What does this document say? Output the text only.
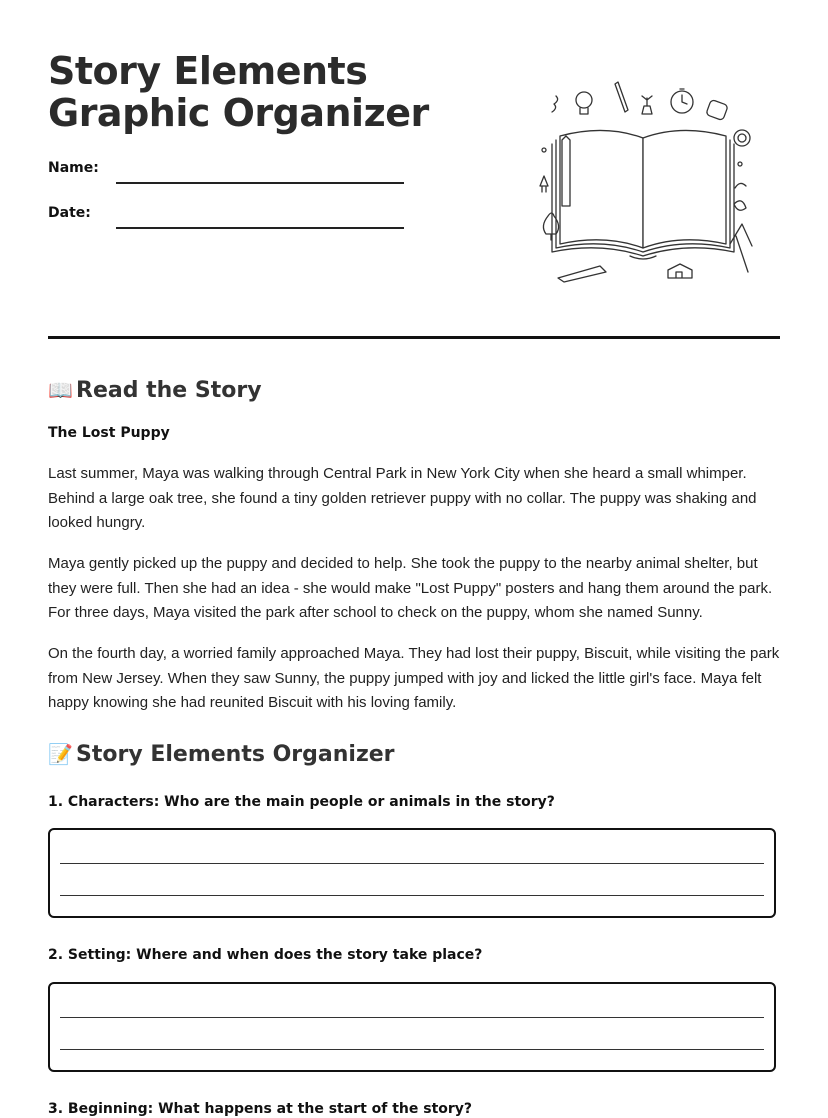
Story Elements Graphic Organizer
Name:
Date:
📖 Read the Story
The Lost Puppy

Last summer, Maya was walking through Central Park in New York City when she heard a small whimper. Behind a large oak tree, she found a tiny golden retriever puppy with no collar. The puppy was shaking and looked hungry.

Maya gently picked up the puppy and decided to help. She took the puppy to the nearby animal shelter, but they were full. Then she had an idea - she would make "Lost Puppy" posters and hang them around the park. For three days, Maya visited the park after school to check on the puppy, whom she named Sunny.

On the fourth day, a worried family approached Maya. They had lost their puppy, Biscuit, while visiting the park from New Jersey. When they saw Sunny, the puppy jumped with joy and licked the little girl's face. Maya felt happy knowing she had reunited Biscuit with his loving family.

📝 Story Elements Organizer
1. Characters: Who are the main people or animals in the story?
2. Setting: Where and when does the story take place?
3. Beginning: What happens at the start of the story?
